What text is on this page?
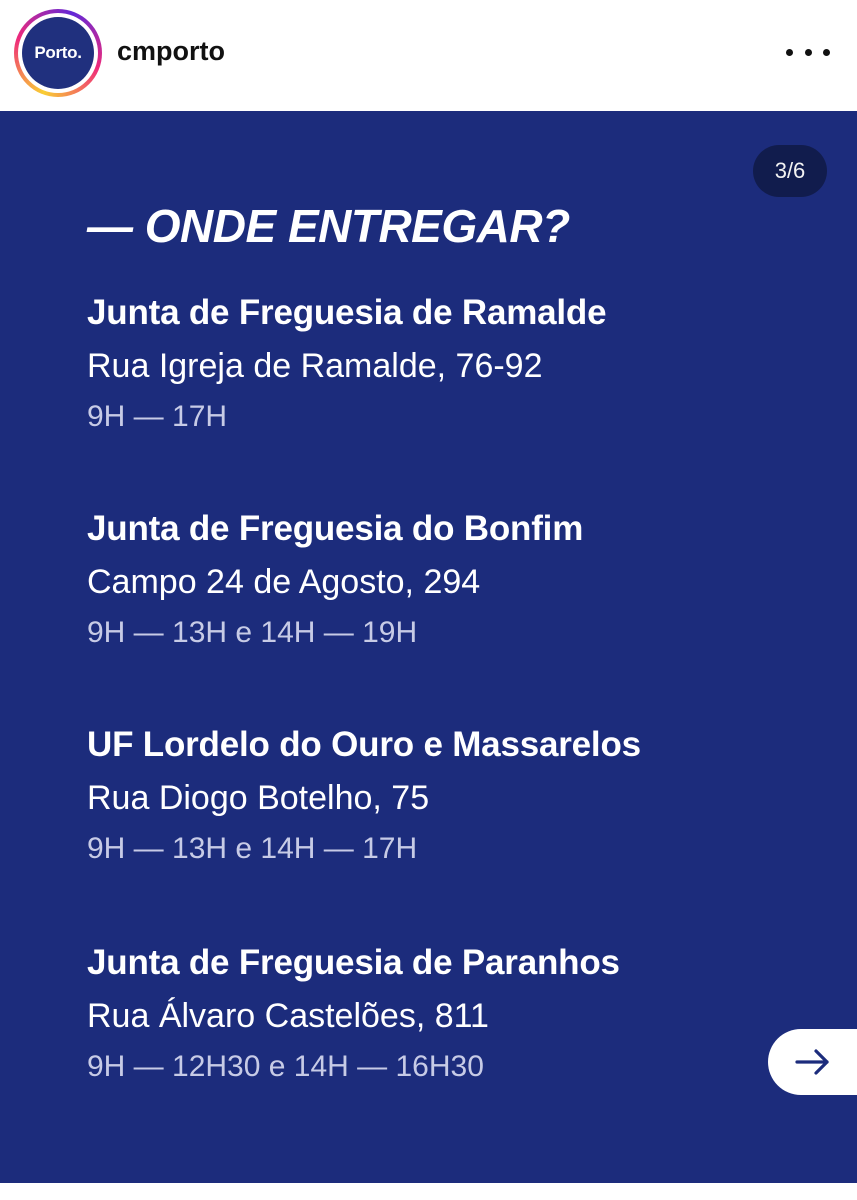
Porto.	cmporto
3/6
— ONDE ENTREGAR?
Junta de Freguesia de Ramalde
Rua Igreja de Ramalde, 76-92
9H — 17H
Junta de Freguesia do Bonfim
Campo 24 de Agosto, 294
9H — 13H e 14H — 19H
UF Lordelo do Ouro e Massarelos
Rua Diogo Botelho, 75
9H — 13H e 14H — 17H
Junta de Freguesia de Paranhos
Rua Álvaro Castelões, 811
9H — 12H30 e 14H — 16H30
